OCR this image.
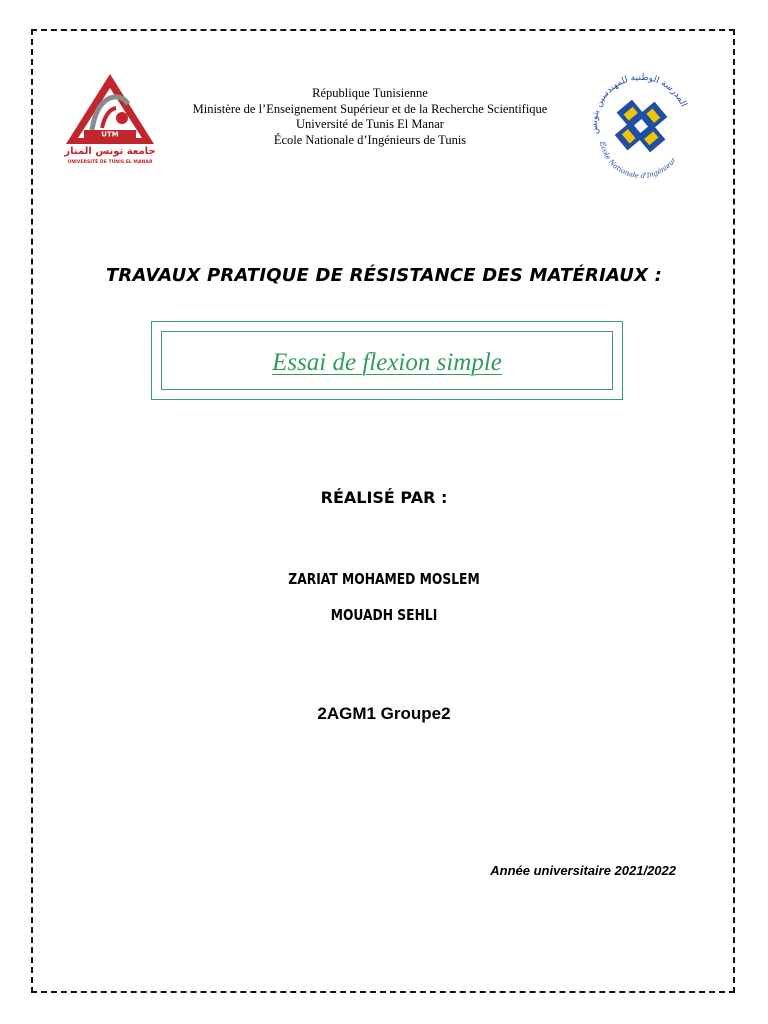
UTM
جامعة تونس المنار
UNIVERSITÉ DE TUNIS EL MANAR
République Tunisienne
Ministère de l’Enseignement Supérieur et de la Recherche Scientifique
Université de Tunis El Manar
École Nationale d’Ingénieurs de Tunis
المدرسة الوطنية للمهندسين بتونس
École Nationale d'Ingénieur
TRAVAUX PRATIQUE DE RÉSISTANCE DES MATÉRIAUX :
Essai de flexion simple
RÉALISÉ PAR :
ZARIAT MOHAMED MOSLEM
MOUADH SEHLI
2AGM1 Groupe2
Année universitaire 2021/2022
